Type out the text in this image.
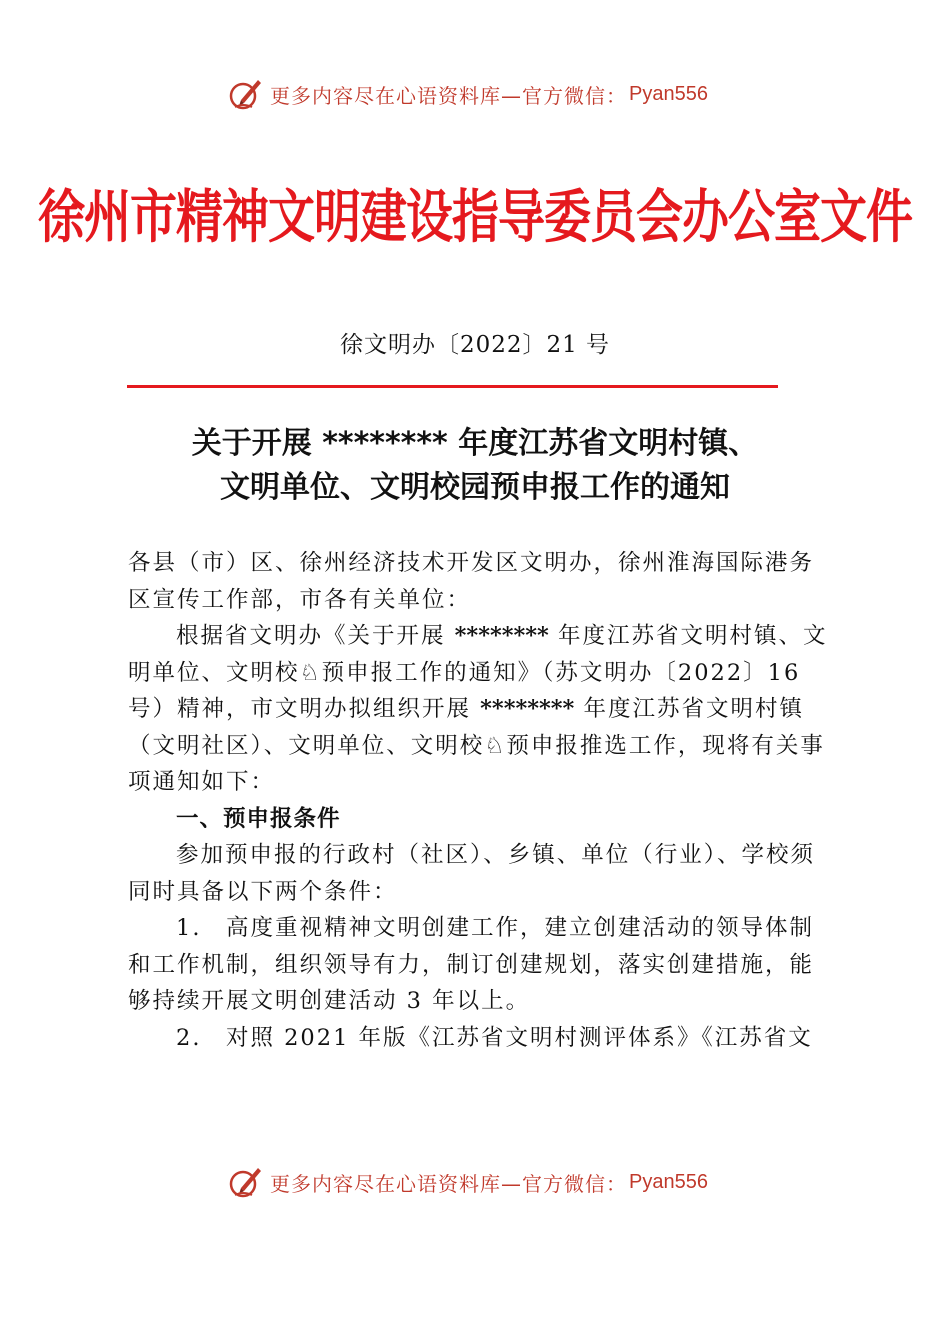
更多内容尽在心语资料库—官方微信： Pyan556
徐州市精神文明建设指导委员会办公室文件
徐文明办〔2022〕21 号
关于开展 ******** 年度江苏省文明村镇、
文明单位、文明校园预申报工作的通知

各县（市）区、徐州经济技术开发区文明办，徐州淮海国际港务区宣传工作部，市各有关单位：

根据省文明办《关于开展 ******** 年度江苏省文明村镇、文明单位、文明校♘预申报工作的通知》（苏文明办〔2022〕16 号）精神，市文明办拟组织开展 ******** 年度江苏省文明村镇（文明社区）、文明单位、文明校♘预申报推选工作，现将有关事项通知如下：

一、预申报条件

参加预申报的行政村（社区）、乡镇、单位（行业）、学校须同时具备以下两个条件：

1.　高度重视精神文明创建工作，建立创建活动的领导体制和工作机制，组织领导有力，制订创建规划，落实创建措施，能够持续开展文明创建活动 3 年以上。

2.　对照 2021 年版《江苏省文明村测评体系》《江苏省文

更多内容尽在心语资料库—官方微信： Pyan556
